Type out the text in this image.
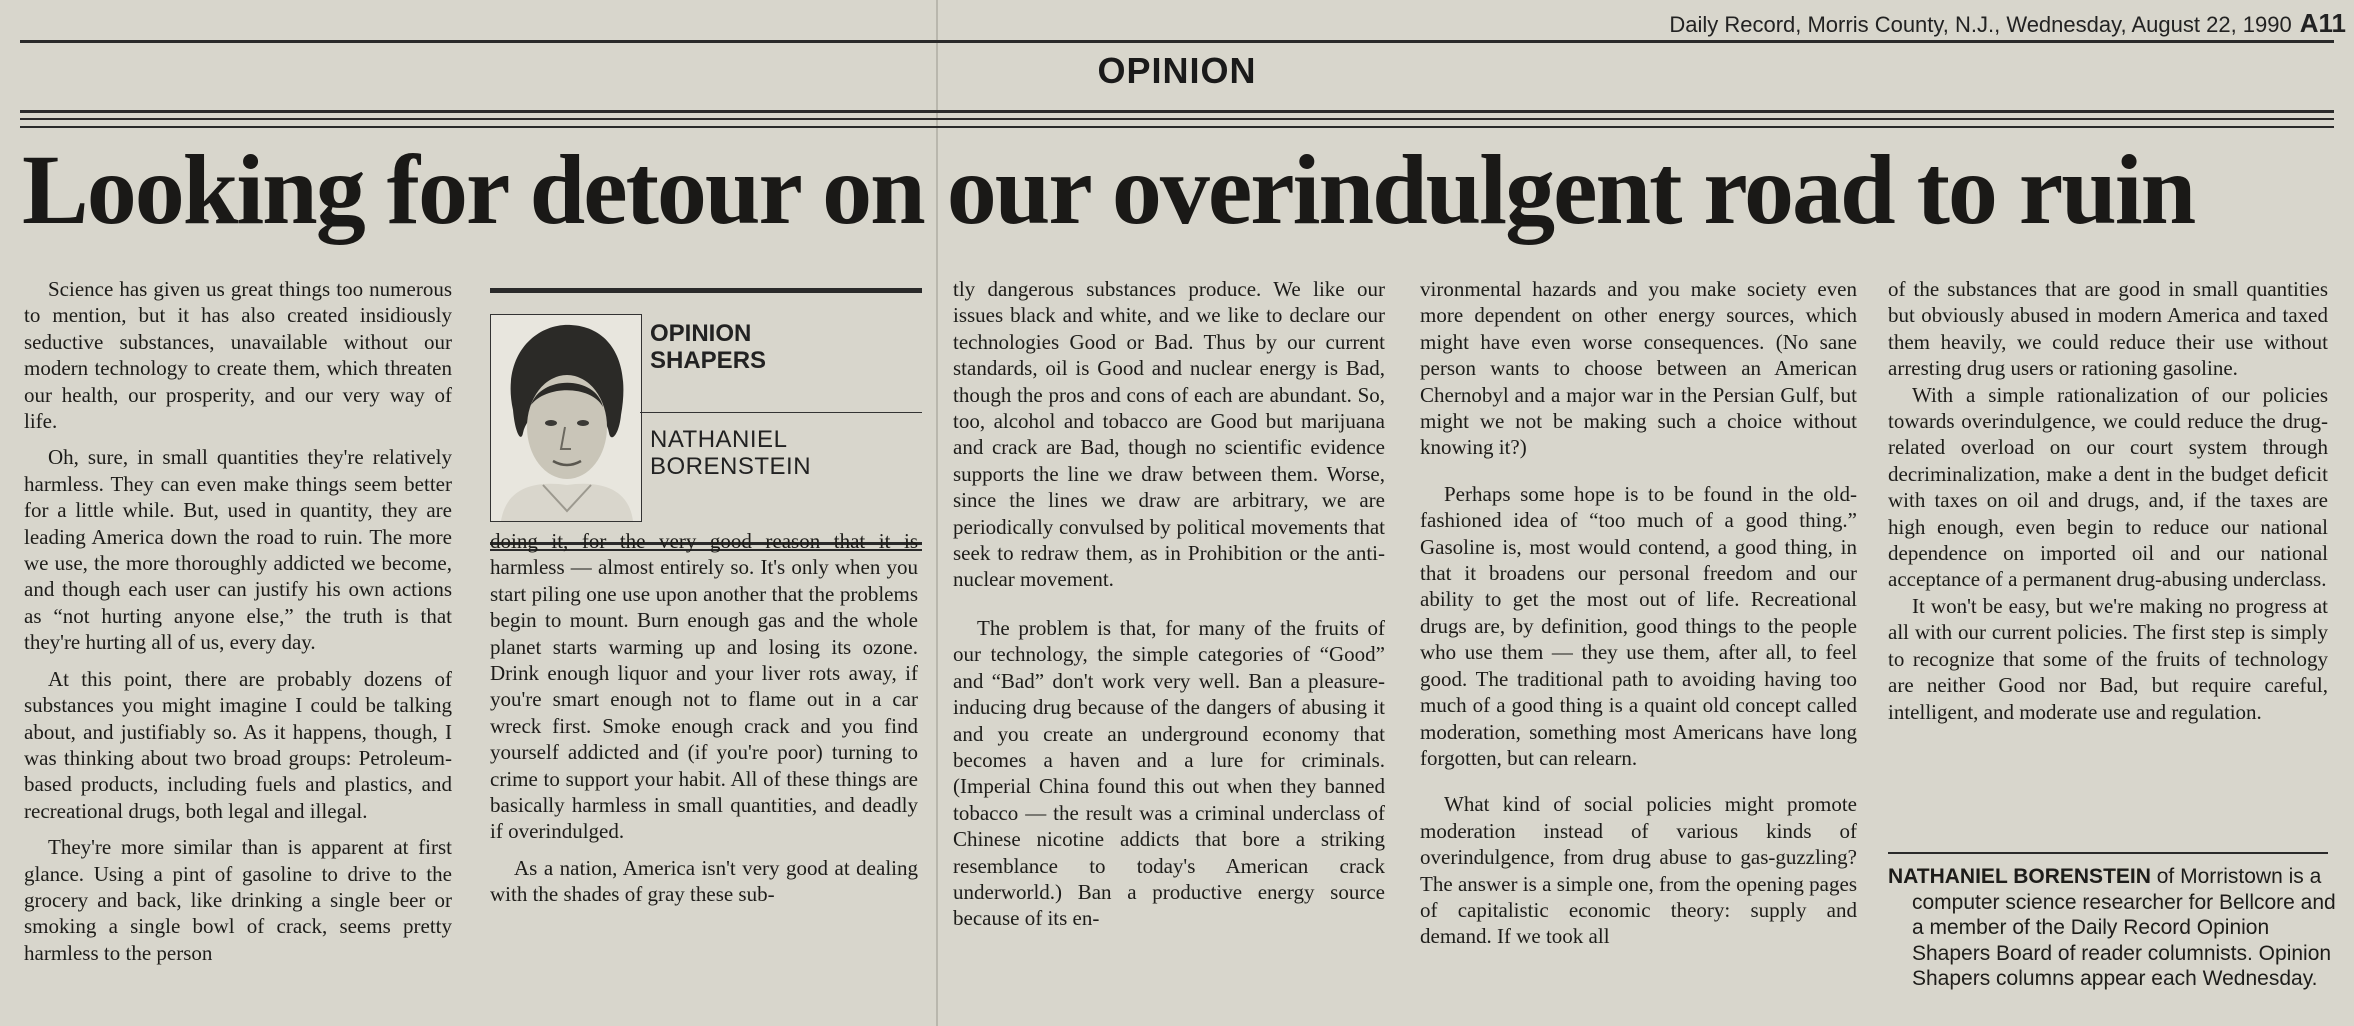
Daily Record, Morris County, N.J., Wednesday, August 22, 1990 A11
OPINION
Looking for detour on our overindulgent road to ruin

Science has given us great things too numerous to mention, but it has also created insidiously seductive substances, unavailable without our modern technology to create them, which threaten our health, our prosperity, and our very way of life.

Oh, sure, in small quantities they're relatively harmless. They can even make things seem better for a little while. But, used in quantity, they are leading America down the road to ruin. The more we use, the more thoroughly addicted we become, and though each user can justify his own actions as “not hurting anyone else,” the truth is that they're hurting all of us, every day.

At this point, there are probably dozens of substances you might imagine I could be talking about, and justifiably so. As it happens, though, I was thinking about two broad groups: Petroleum-based products, including fuels and plastics, and recreational drugs, both legal and illegal.

They're more similar than is apparent at first glance. Using a pint of gasoline to drive to the grocery and back, like drinking a single beer or smoking a single bowl of crack, seems pretty harmless to the person

OPINION
SHAPERS
NATHANIEL
BORENSTEIN

doing it, for the very good reason that it is harmless — almost entirely so. It's only when you start piling one use upon another that the problems begin to mount. Burn enough gas and the whole planet starts warming up and losing its ozone. Drink enough liquor and your liver rots away, if you're smart enough not to flame out in a car wreck first. Smoke enough crack and you find yourself addicted and (if you're poor) turning to crime to support your habit. All of these things are basically harmless in small quantities, and deadly if overindulged.

As a nation, America isn't very good at dealing with the shades of gray these sub-

tly dangerous substances produce. We like our issues black and white, and we like to declare our technologies Good or Bad. Thus by our current standards, oil is Good and nuclear energy is Bad, though the pros and cons of each are abundant. So, too, alcohol and tobacco are Good but marijuana and crack are Bad, though no scientific evidence supports the line we draw between them. Worse, since the lines we draw are arbitrary, we are periodically convulsed by political movements that seek to redraw them, as in Prohibition or the anti-nuclear movement.

The problem is that, for many of the fruits of our technology, the simple categories of “Good” and “Bad” don't work very well. Ban a pleasure-inducing drug because of the dangers of abusing it and you create an underground economy that becomes a haven and a lure for criminals. (Imperial China found this out when they banned tobacco — the result was a criminal underclass of Chinese nicotine addicts that bore a striking resemblance to today's American crack underworld.) Ban a productive energy source because of its en-

vironmental hazards and you make society even more dependent on other energy sources, which might have even worse consequences. (No sane person wants to choose between an American Chernobyl and a major war in the Persian Gulf, but might we not be making such a choice without knowing it?)

Perhaps some hope is to be found in the old-fashioned idea of “too much of a good thing.” Gasoline is, most would contend, a good thing, in that it broadens our personal freedom and our ability to get the most out of life. Recreational drugs are, by definition, good things to the people who use them — they use them, after all, to feel good. The traditional path to avoiding having too much of a good thing is a quaint old concept called moderation, something most Americans have long forgotten, but can relearn.

What kind of social policies might promote moderation instead of various kinds of overindulgence, from drug abuse to gas-guzzling? The answer is a simple one, from the opening pages of capitalistic economic theory: supply and demand. If we took all

of the substances that are good in small quantities but obviously abused in modern America and taxed them heavily, we could reduce their use without arresting drug users or rationing gasoline.

With a simple rationalization of our policies towards overindulgence, we could reduce the drug-related overload on our court system through decriminalization, make a dent in the budget deficit with taxes on oil and drugs, and, if the taxes are high enough, even begin to reduce our national dependence on imported oil and our national acceptance of a permanent drug-abusing underclass.

It won't be easy, but we're making no progress at all with our current policies. The first step is simply to recognize that some of the fruits of technology are neither Good nor Bad, but require careful, intelligent, and moderate use and regulation.

NATHANIEL BORENSTEIN of Morristown is a computer science researcher for Bellcore and a member of the Daily Record Opinion Shapers Board of reader columnists. Opinion Shapers columns appear each Wednesday.
